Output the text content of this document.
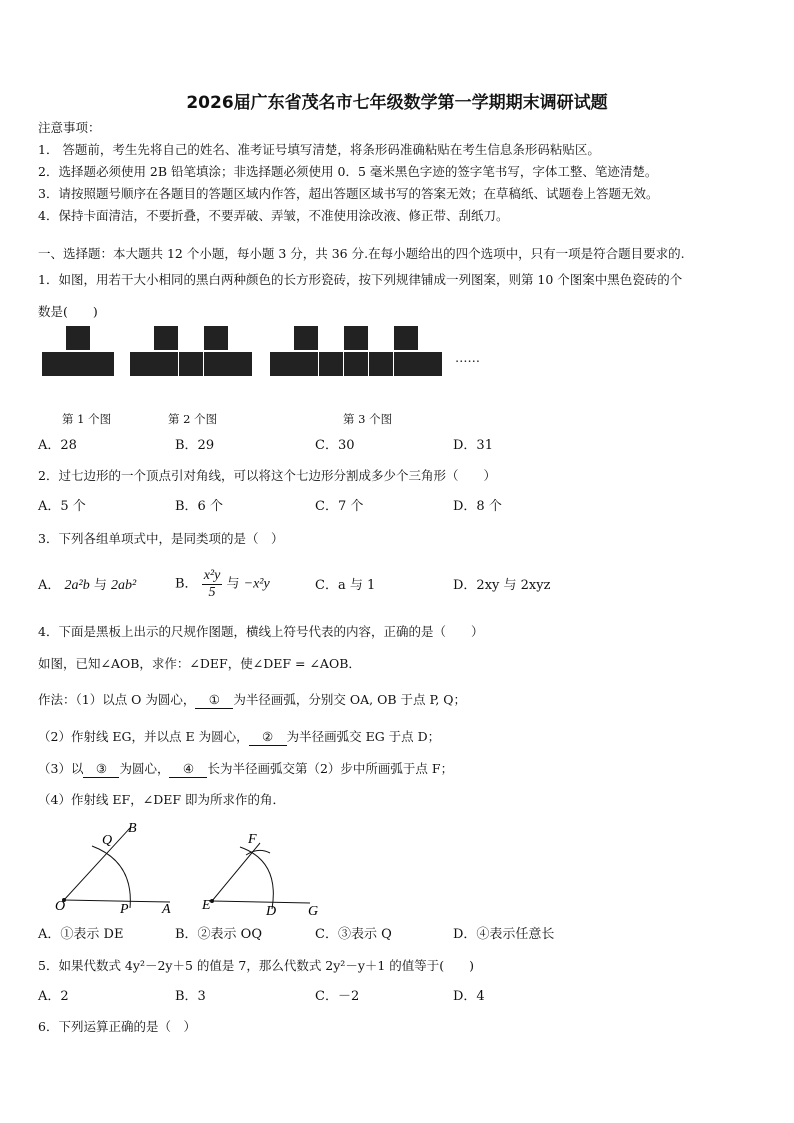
2026届广东省茂名市七年级数学第一学期期末调研试题
注意事项：
1． 答题前，考生先将自己的姓名、准考证号填写清楚，将条形码准确粘贴在考生信息条形码粘贴区。
2．选择题必须使用 2B 铅笔填涂；非选择题必须使用 0．5 毫米黑色字迹的签字笔书写，字体工整、笔迹清楚。
3．请按照题号顺序在各题目的答题区域内作答，超出答题区域书写的答案无效；在草稿纸、试题卷上答题无效。
4．保持卡面清洁，不要折叠，不要弄破、弄皱，不准使用涂改液、修正带、刮纸刀。
一、选择题：本大题共 12 个小题，每小题 3 分，共 36 分.在每小题给出的四个选项中，只有一项是符合题目要求的.
1．如图，用若干大小相同的黑白两种颜色的长方形瓷砖，按下列规律铺成一列图案，则第 10 个图案中黑色瓷砖的个
数是(　　)
……
第 1 个图	第 2 个图	第 3 个图
A．28	B．29	C．30	D．31
2．过七边形的一个顶点引对角线，可以将这个七边形分割成多少个三角形（　　）
A．5 个	B．6 个	C．7 个	D．8 个
3．下列各组单项式中，是同类项的是（　）
A． 2a²b 与 2ab²	B． $\frac{\text{x²y}}{5}$ 与 −x²y	C．a 与 1	D．2xy 与 2xyz
4．下面是黑板上出示的尺规作图题，横线上符号代表的内容，正确的是（　　）
如图，已知∠AOB，求作：∠DEF，使∠DEF = ∠AOB．
作法：（1）以点 O 为圆心， ① 为半径画弧，分别交 OA, OB 于点 P, Q；
（2）作射线 EG，并以点 E 为圆心， ② 为半径画弧交 EG 于点 D；
（3）以 ③ 为圆心， ④ 长为半径画弧交第（2）步中所画弧于点 F；
（4）作射线 EF，∠DEF 即为所求作的角．
O	P A
Q
B
E	D G
F
A．①表示 DE	B．②表示 OQ	C．③表示 Q	D．④表示任意长
5．如果代数式 4y²－2y＋5 的值是 7，那么代数式 2y²－y＋1 的值等于(　　)
A．2	B．3	C．－2	D．4
6．下列运算正确的是（　）
